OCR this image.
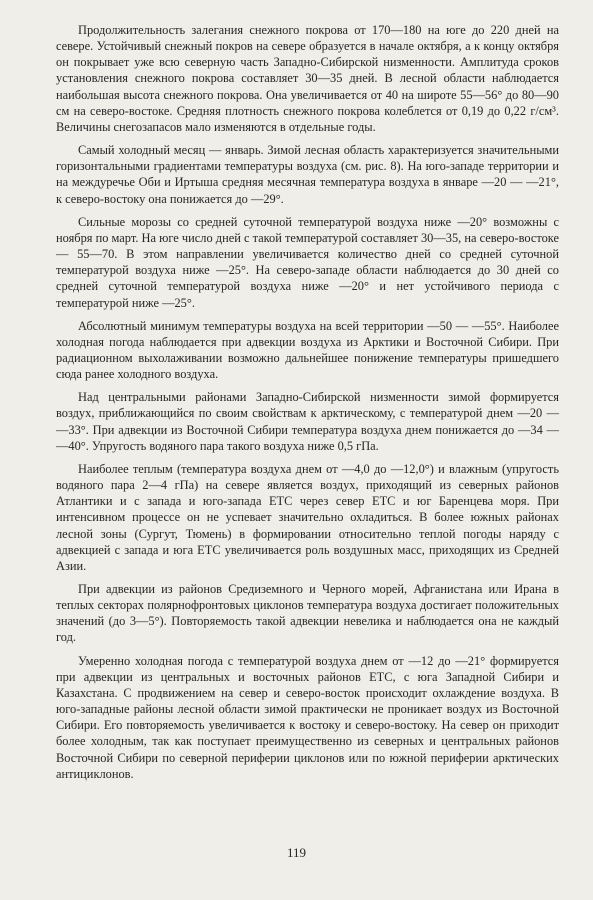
Продолжительность залегания снежного покрова от 170—180 на юге до 220 дней на севере. Устойчивый снежный покров на севере образуется в начале октября, а к концу октября он покрывает уже всю северную часть Западно-Сибирской низменности. Амплитуда сроков установления снежного покрова составляет 30—35 дней. В лесной области наблюдается наибольшая высота снежного покрова. Она увеличивается от 40 на широте 55—56° до 80—90 см на северо-востоке. Средняя плотность снежного покрова колеблется от 0,19 до 0,22 г/см³. Величины снегозапасов мало изменяются в отдельные годы.

Самый холодный месяц — январь. Зимой лесная область характеризуется значительными горизонтальными градиентами температуры воздуха (см. рис. 8). На юго-западе территории и на междуречье Оби и Иртыша средняя месячная температура воздуха в январе —20 — —21°, к северо-востоку она понижается до —29°.

Сильные морозы со средней суточной температурой воздуха ниже —20° возможны с ноября по март. На юге число дней с такой температурой составляет 30—35, на северо-востоке — 55—70. В этом направлении увеличивается количество дней со средней суточной температурой воздуха ниже —25°. На северо-западе области наблюдается до 30 дней со средней суточной температурой воздуха ниже —20° и нет устойчивого периода с температурой ниже —25°.

Абсолютный минимум температуры воздуха на всей территории —50 — —55°. Наиболее холодная погода наблюдается при адвекции воздуха из Арктики и Восточной Сибири. При радиационном выхолаживании возможно дальнейшее понижение температуры пришедшего сюда ранее холодного воздуха.

Над центральными районами Западно-Сибирской низменности зимой формируется воздух, приближающийся по своим свойствам к арктическому, с температурой днем —20 — —33°. При адвекции из Восточной Сибири температура воздуха днем понижается до —34 — —40°. Упругость водяного пара такого воздуха ниже 0,5 гПа.

Наиболее теплым (температура воздуха днем от —4,0 до —12,0°) и влажным (упругость водяного пара 2—4 гПа) на севере является воздух, приходящий из северных районов Атлантики и с запада и юго-запада ЕТС через север ЕТС и юг Баренцева моря. При интенсивном процессе он не успевает значительно охладиться. В более южных районах лесной зоны (Сургут, Тюмень) в формировании относительно теплой погоды наряду с адвекцией с запада и юга ЕТС увеличивается роль воздушных масс, приходящих из Средней Азии.

При адвекции из районов Средиземного и Черного морей, Афганистана или Ирана в теплых секторах полярнофронтовых циклонов температура воздуха достигает положительных значений (до 3—5°). Повторяемость такой адвекции невелика и наблюдается она не каждый год.

Умеренно холодная погода с температурой воздуха днем от —12 до —21° формируется при адвекции из центральных и восточных районов ЕТС, с юга Западной Сибири и Казахстана. С продвижением на север и северо-восток происходит охлаждение воздуха. В юго-западные районы лесной области зимой практически не проникает воздух из Восточной Сибири. Его повторяемость увеличивается к востоку и северо-востоку. На север он приходит более холодным, так как поступает преимущественно из северных и центральных районов Восточной Сибири по северной периферии циклонов или по южной периферии арктических антициклонов.

119
